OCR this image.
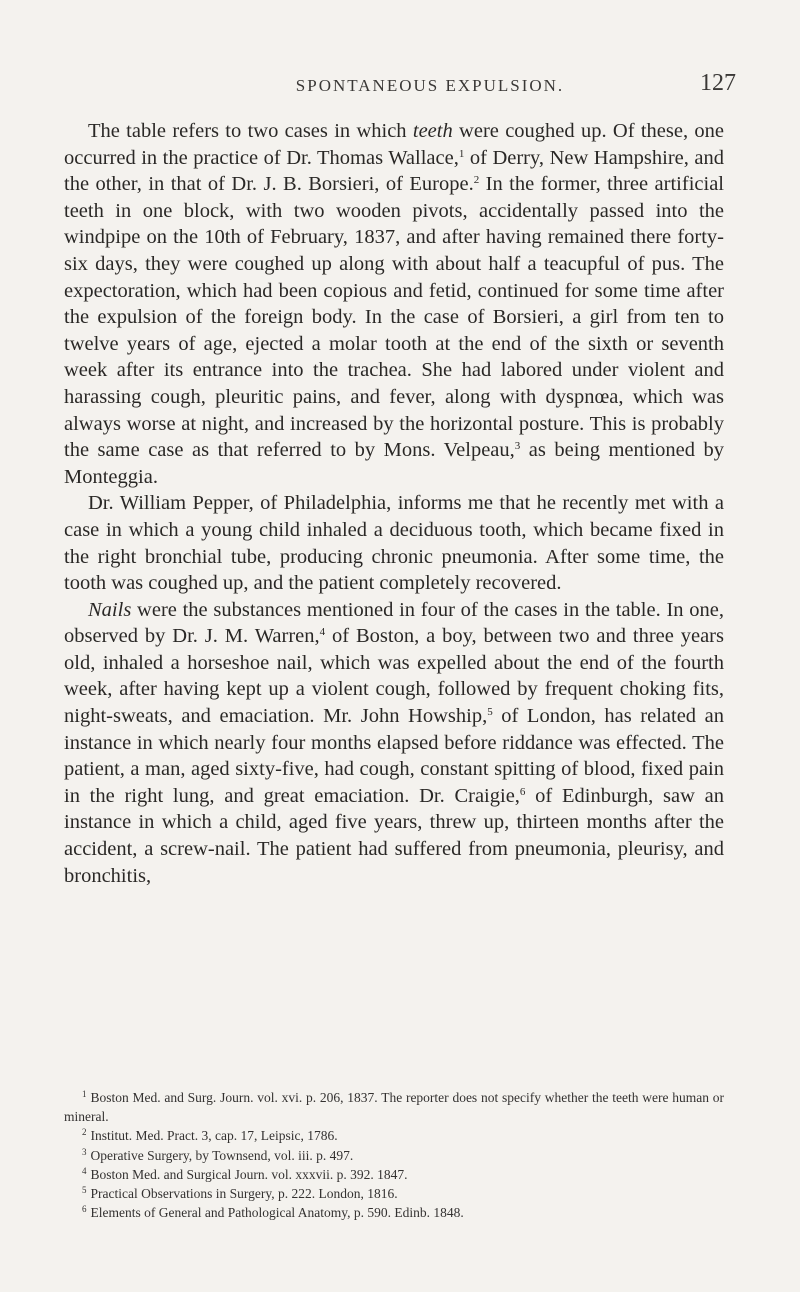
SPONTANEOUS EXPULSION.	127

The table refers to two cases in which teeth were coughed up. Of these, one occurred in the practice of Dr. Thomas Wallace,$^1$ of Derry, New Hampshire, and the other, in that of Dr. J. B. Borsieri, of Europe.$^2$ In the former, three artificial teeth in one block, with two wooden pivots, accidentally passed into the windpipe on the 10th of February, 1837, and after having remained there forty-six days, they were coughed up along with about half a teacupful of pus. The expectoration, which had been copious and fetid, continued for some time after the expulsion of the foreign body. In the case of Borsieri, a girl from ten to twelve years of age, ejected a molar tooth at the end of the sixth or seventh week after its entrance into the trachea. She had labored under violent and harassing cough, pleuritic pains, and fever, along with dyspnœa, which was always worse at night, and increased by the horizontal posture. This is probably the same case as that referred to by Mons. Velpeau,$^3$ as being mentioned by Monteggia.

Dr. William Pepper, of Philadelphia, informs me that he recently met with a case in which a young child inhaled a deciduous tooth, which became fixed in the right bronchial tube, producing chronic pneumonia. After some time, the tooth was coughed up, and the patient completely recovered.

Nails were the substances mentioned in four of the cases in the table. In one, observed by Dr. J. M. Warren,$^4$ of Boston, a boy, between two and three years old, inhaled a horseshoe nail, which was expelled about the end of the fourth week, after having kept up a violent cough, followed by frequent choking fits, night-sweats, and emaciation. Mr. John Howship,$^5$ of London, has related an instance in which nearly four months elapsed before riddance was effected. The patient, a man, aged sixty-five, had cough, constant spitting of blood, fixed pain in the right lung, and great emaciation. Dr. Craigie,$^6$ of Edinburgh, saw an instance in which a child, aged five years, threw up, thirteen months after the accident, a screw-nail. The patient had suffered from pneumonia, pleurisy, and bronchitis,

$^1$ Boston Med. and Surg. Journ. vol. xvi. p. 206, 1837. The reporter does not specify whether the teeth were human or mineral.

$^2$ Institut. Med. Pract. 3, cap. 17, Leipsic, 1786.

$^3$ Operative Surgery, by Townsend, vol. iii. p. 497.

$^4$ Boston Med. and Surgical Journ. vol. xxxvii. p. 392. 1847.

$^5$ Practical Observations in Surgery, p. 222. London, 1816.

$^6$ Elements of General and Pathological Anatomy, p. 590. Edinb. 1848.
